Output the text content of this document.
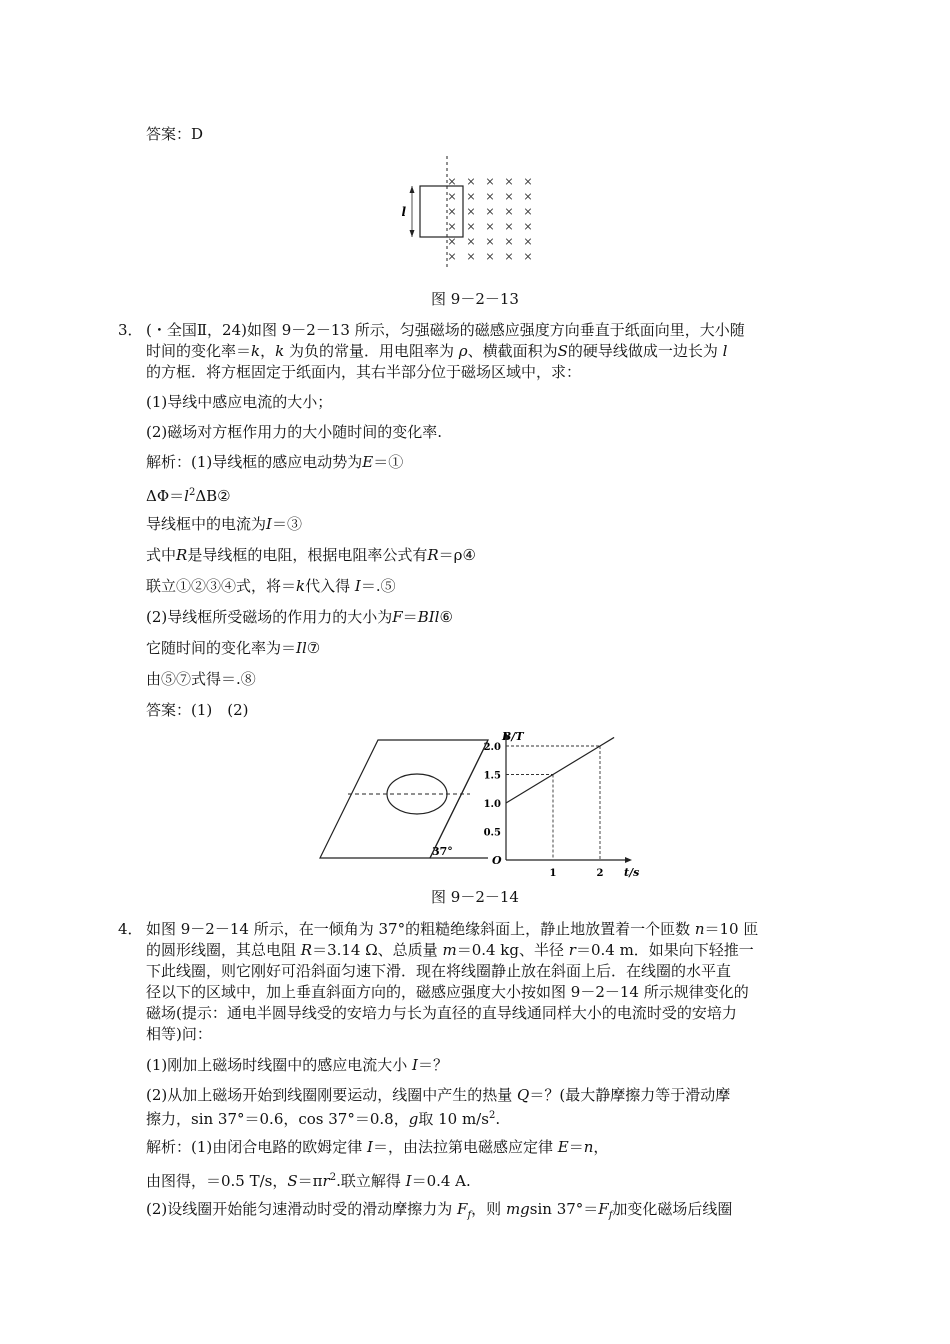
答案：D
l
× × × × ×
× × × × ×
× × × × ×
× × × × ×
× × × × ×
× × × × ×
图 9－2－13
3． (・全国Ⅱ，24)如图 9－2－13 所示，匀强磁场的磁感应强度方向垂直于纸面向里，大小随
时间的变化率＝k，k 为负的常量．用电阻率为 ρ、横截面积为S的硬导线做成一边长为 l
的方框．将方框固定于纸面内，其右半部分位于磁场区域中，求：
(1)导线中感应电流的大小；
(2)磁场对方框作用力的大小随时间的变化率.
解析：(1)导线框的感应电动势为E＝①
$\Delta\Phi=l^2\Delta B②$
导线框中的电流为I＝③
式中R是导线框的电阻，根据电阻率公式有R＝ρ④
联立①②③④式，将＝k代入得 I＝.⑤
(2)导线框所受磁场的作用力的大小为F＝BIl⑥
它随时间的变化率为＝Il⑦
由⑤⑦式得＝.⑧
答案：(1)　(2)
37°
B/T
t/s
O
0.5
1.0
1.5
2.0
1	2
图 9－2－14
4． 如图 9－2－14 所示，在一倾角为 37°的粗糙绝缘斜面上，静止地放置着一个匝数 n＝10 匝
的圆形线圈，其总电阻 R＝3.14 Ω、总质量 m＝0.4 kg、半径 r＝0.4 m．如果向下轻推一
下此线圈，则它刚好可沿斜面匀速下滑．现在将线圈静止放在斜面上后．在线圈的水平直
径以下的区域中，加上垂直斜面方向的，磁感应强度大小按如图 9－2－14 所示规律变化的
磁场(提示：通电半圆导线受的安培力与长为直径的直导线通同样大小的电流时受的安培力
相等)问：
(1)刚加上磁场时线圈中的感应电流大小 I＝？
(2)从加上磁场开始到线圈刚要运动，线圈中产生的热量 Q＝？(最大静摩擦力等于滑动摩
擦力，sin 37°＝0.6，cos 37°＝0.8，g取 10 $m/s^2$.
解析：(1)由闭合电路的欧姆定律 I＝，由法拉第电磁感应定律 E＝n，
由图得，＝0.5 T/s，$S=\pi r^2$.联立解得 I＝0.4 A.
(2)设线圈开始能匀速滑动时受的滑动摩擦力为 $F_f$，则 mgsin $37^\circ=F_f$加变化磁场后线圈
